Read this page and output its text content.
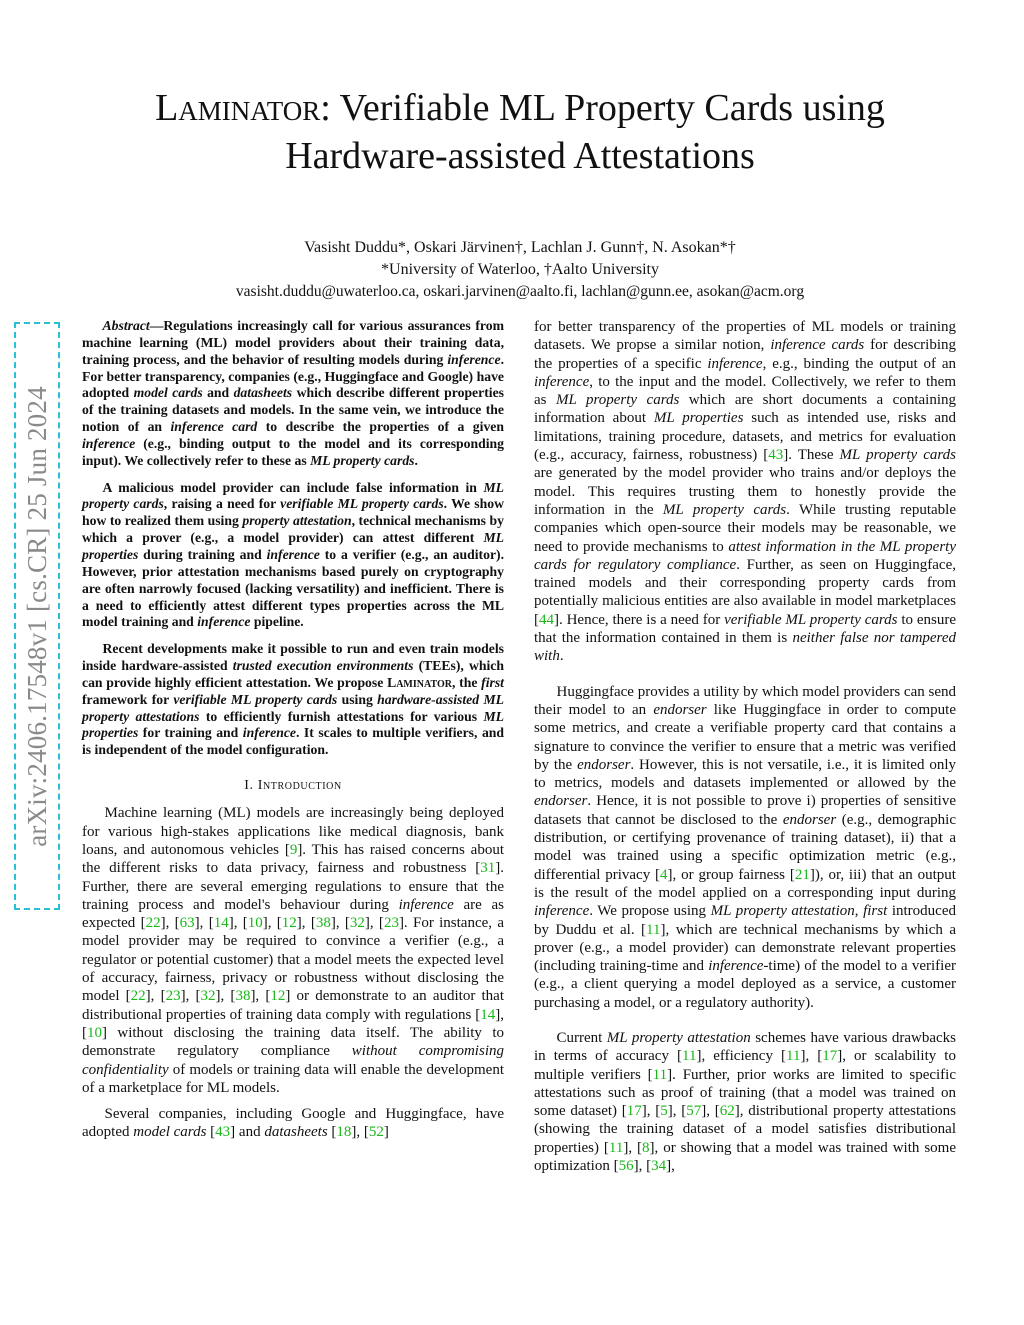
arXiv:2406.17548v1 [cs.CR] 25 Jun 2024
Laminator: Verifiable ML Property Cards using
Hardware-assisted Attestations
Vasisht Duddu*, Oskari Järvinen†, Lachlan J. Gunn†, N. Asokan*†
*University of Waterloo, †Aalto University
vasisht.duddu@uwaterloo.ca, oskari.jarvinen@aalto.fi, lachlan@gunn.ee, asokan@acm.org

Abstract—Regulations increasingly call for various assurances from machine learning (ML) model providers about their training data, training process, and the behavior of resulting models during inference. For better transparency, companies (e.g., Huggingface and Google) have adopted model cards and datasheets which describe different properties of the training datasets and models. In the same vein, we introduce the notion of an inference card to describe the properties of a given inference (e.g., binding output to the model and its corresponding input). We collectively refer to these as ML property cards.

A malicious model provider can include false information in ML property cards, raising a need for verifiable ML property cards. We show how to realized them using property attestation, technical mechanisms by which a prover (e.g., a model provider) can attest different ML properties during training and inference to a verifier (e.g., an auditor). However, prior attestation mechanisms based purely on cryptography are often narrowly focused (lacking versatility) and inefficient. There is a need to efficiently attest different types properties across the ML model training and inference pipeline.

Recent developments make it possible to run and even train models inside hardware-assisted trusted execution environments (TEEs), which can provide highly efficient attestation. We propose Laminator, the first framework for verifiable ML property cards using hardware-assisted ML property attestations to efficiently furnish attestations for various ML properties for training and inference. It scales to multiple verifiers, and is independent of the model configuration.

I. Introduction

Machine learning (ML) models are increasingly being deployed for various high-stakes applications like medical diagnosis, bank loans, and autonomous vehicles [9]. This has raised concerns about the different risks to data privacy, fairness and robustness [31]. Further, there are several emerging regulations to ensure that the training process and model's behaviour during inference are as expected [22], [63], [14], [10], [12], [38], [32], [23]. For instance, a model provider may be required to convince a verifier (e.g., a regulator or potential customer) that a model meets the expected level of accuracy, fairness, privacy or robustness without disclosing the model [22], [23], [32], [38], [12] or demonstrate to an auditor that distributional properties of training data comply with regulations [14], [10] without disclosing the training data itself. The ability to demonstrate regulatory compliance without compromising confidentiality of models or training data will enable the development of a marketplace for ML models.

Several companies, including Google and Huggingface, have adopted model cards [43] and datasheets [18], [52]

for better transparency of the properties of ML models or training datasets. We propse a similar notion, inference cards for describing the properties of a specific inference, e.g., binding the output of an inference, to the input and the model. Collectively, we refer to them as ML property cards which are short documents a containing information about ML properties such as intended use, risks and limitations, training procedure, datasets, and metrics for evaluation (e.g., accuracy, fairness, robustness) [43]. These ML property cards are generated by the model provider who trains and/or deploys the model. This requires trusting them to honestly provide the information in the ML property cards. While trusting reputable companies which open-source their models may be reasonable, we need to provide mechanisms to attest information in the ML property cards for regulatory compliance. Further, as seen on Huggingface, trained models and their corresponding property cards from potentially malicious entities are also available in model marketplaces [44]. Hence, there is a need for verifiable ML property cards to ensure that the information contained in them is neither false nor tampered with.

Huggingface provides a utility by which model providers can send their model to an endorser like Huggingface in order to compute some metrics, and create a verifiable property card that contains a signature to convince the verifier to ensure that a metric was verified by the endorser. However, this is not versatile, i.e., it is limited only to metrics, models and datasets implemented or allowed by the endorser. Hence, it is not possible to prove i) properties of sensitive datasets that cannot be disclosed to the endorser (e.g., demographic distribution, or certifying provenance of training dataset), ii) that a model was trained using a specific optimization metric (e.g., differential privacy [4], or group fairness [21]), or, iii) that an output is the result of the model applied on a corresponding input during inference. We propose using ML property attestation, first introduced by Duddu et al. [11], which are technical mechanisms by which a prover (e.g., a model provider) can demonstrate relevant properties (including training-time and inference-time) of the model to a verifier (e.g., a client querying a model deployed as a service, a customer purchasing a model, or a regulatory authority).

Current ML property attestation schemes have various drawbacks in terms of accuracy [11], efficiency [11], [17], or scalability to multiple verifiers [11]. Further, prior works are limited to specific attestations such as proof of training (that a model was trained on some dataset) [17], [5], [57], [62], distributional property attestations (showing the training dataset of a model satisfies distributional properties) [11], [8], or showing that a model was trained with some optimization [56], [34],
